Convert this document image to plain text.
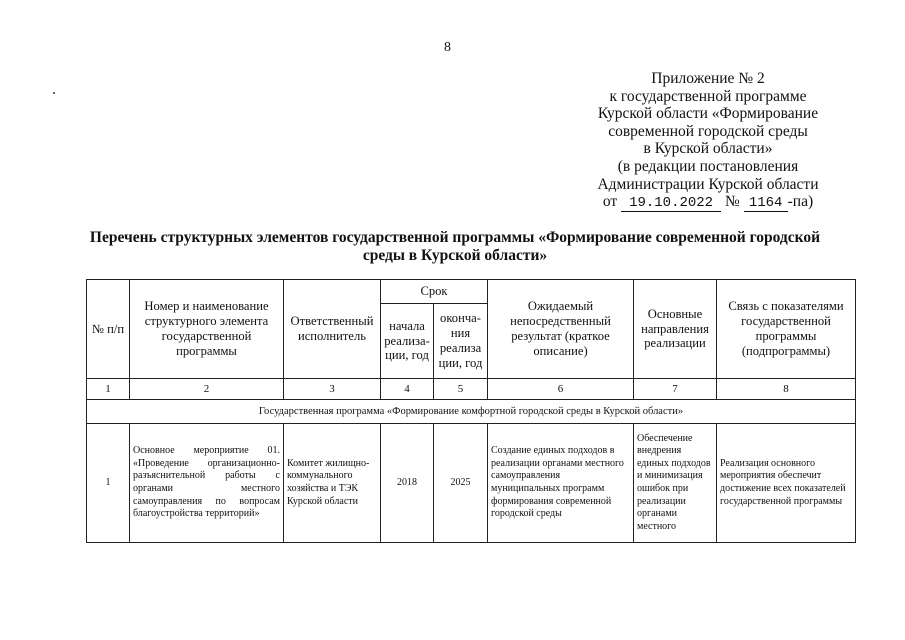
8
Приложение № 2
к государственной программе
Курской области «Формирование
современной городской среды
в Курской области»
(в редакции постановления
Администрации Курской области
от 19.10.2022 № 1164 -па)
Перечень структурных элементов государственной программы «Формирование современной городской среды в Курской области»
№ п/п	Номер и наименование структурного элемента государственной программы	Ответственный исполнитель	Срок		Ожидаемый непосредственный результат (краткое описание)	Основные направления реализации	Связь с показателями государственной программы (подпрограммы)
			начала реализа-ции, год	оконча-ния реализа ции, год			
1	2	3	4	5	6	7	8
Государственная программа «Формирование комфортной городской среды в Курской области»							
1	Основное мероприятие 01. «Проведение организационно-разъяснительной работы с органами местного самоуправления по вопросам благоустройства территорий»	Комитет жилищно-коммунального хозяйства и ТЭК Курской области	2018	2025	Создание единых подходов в реализации органами местного самоуправления муниципальных программ формирования современной городской среды	Обеспечение внедрения единых подходов и минимизация ошибок при реализации органами местного	Реализация основного мероприятия обеспечит достижение всех показателей государственной программы
